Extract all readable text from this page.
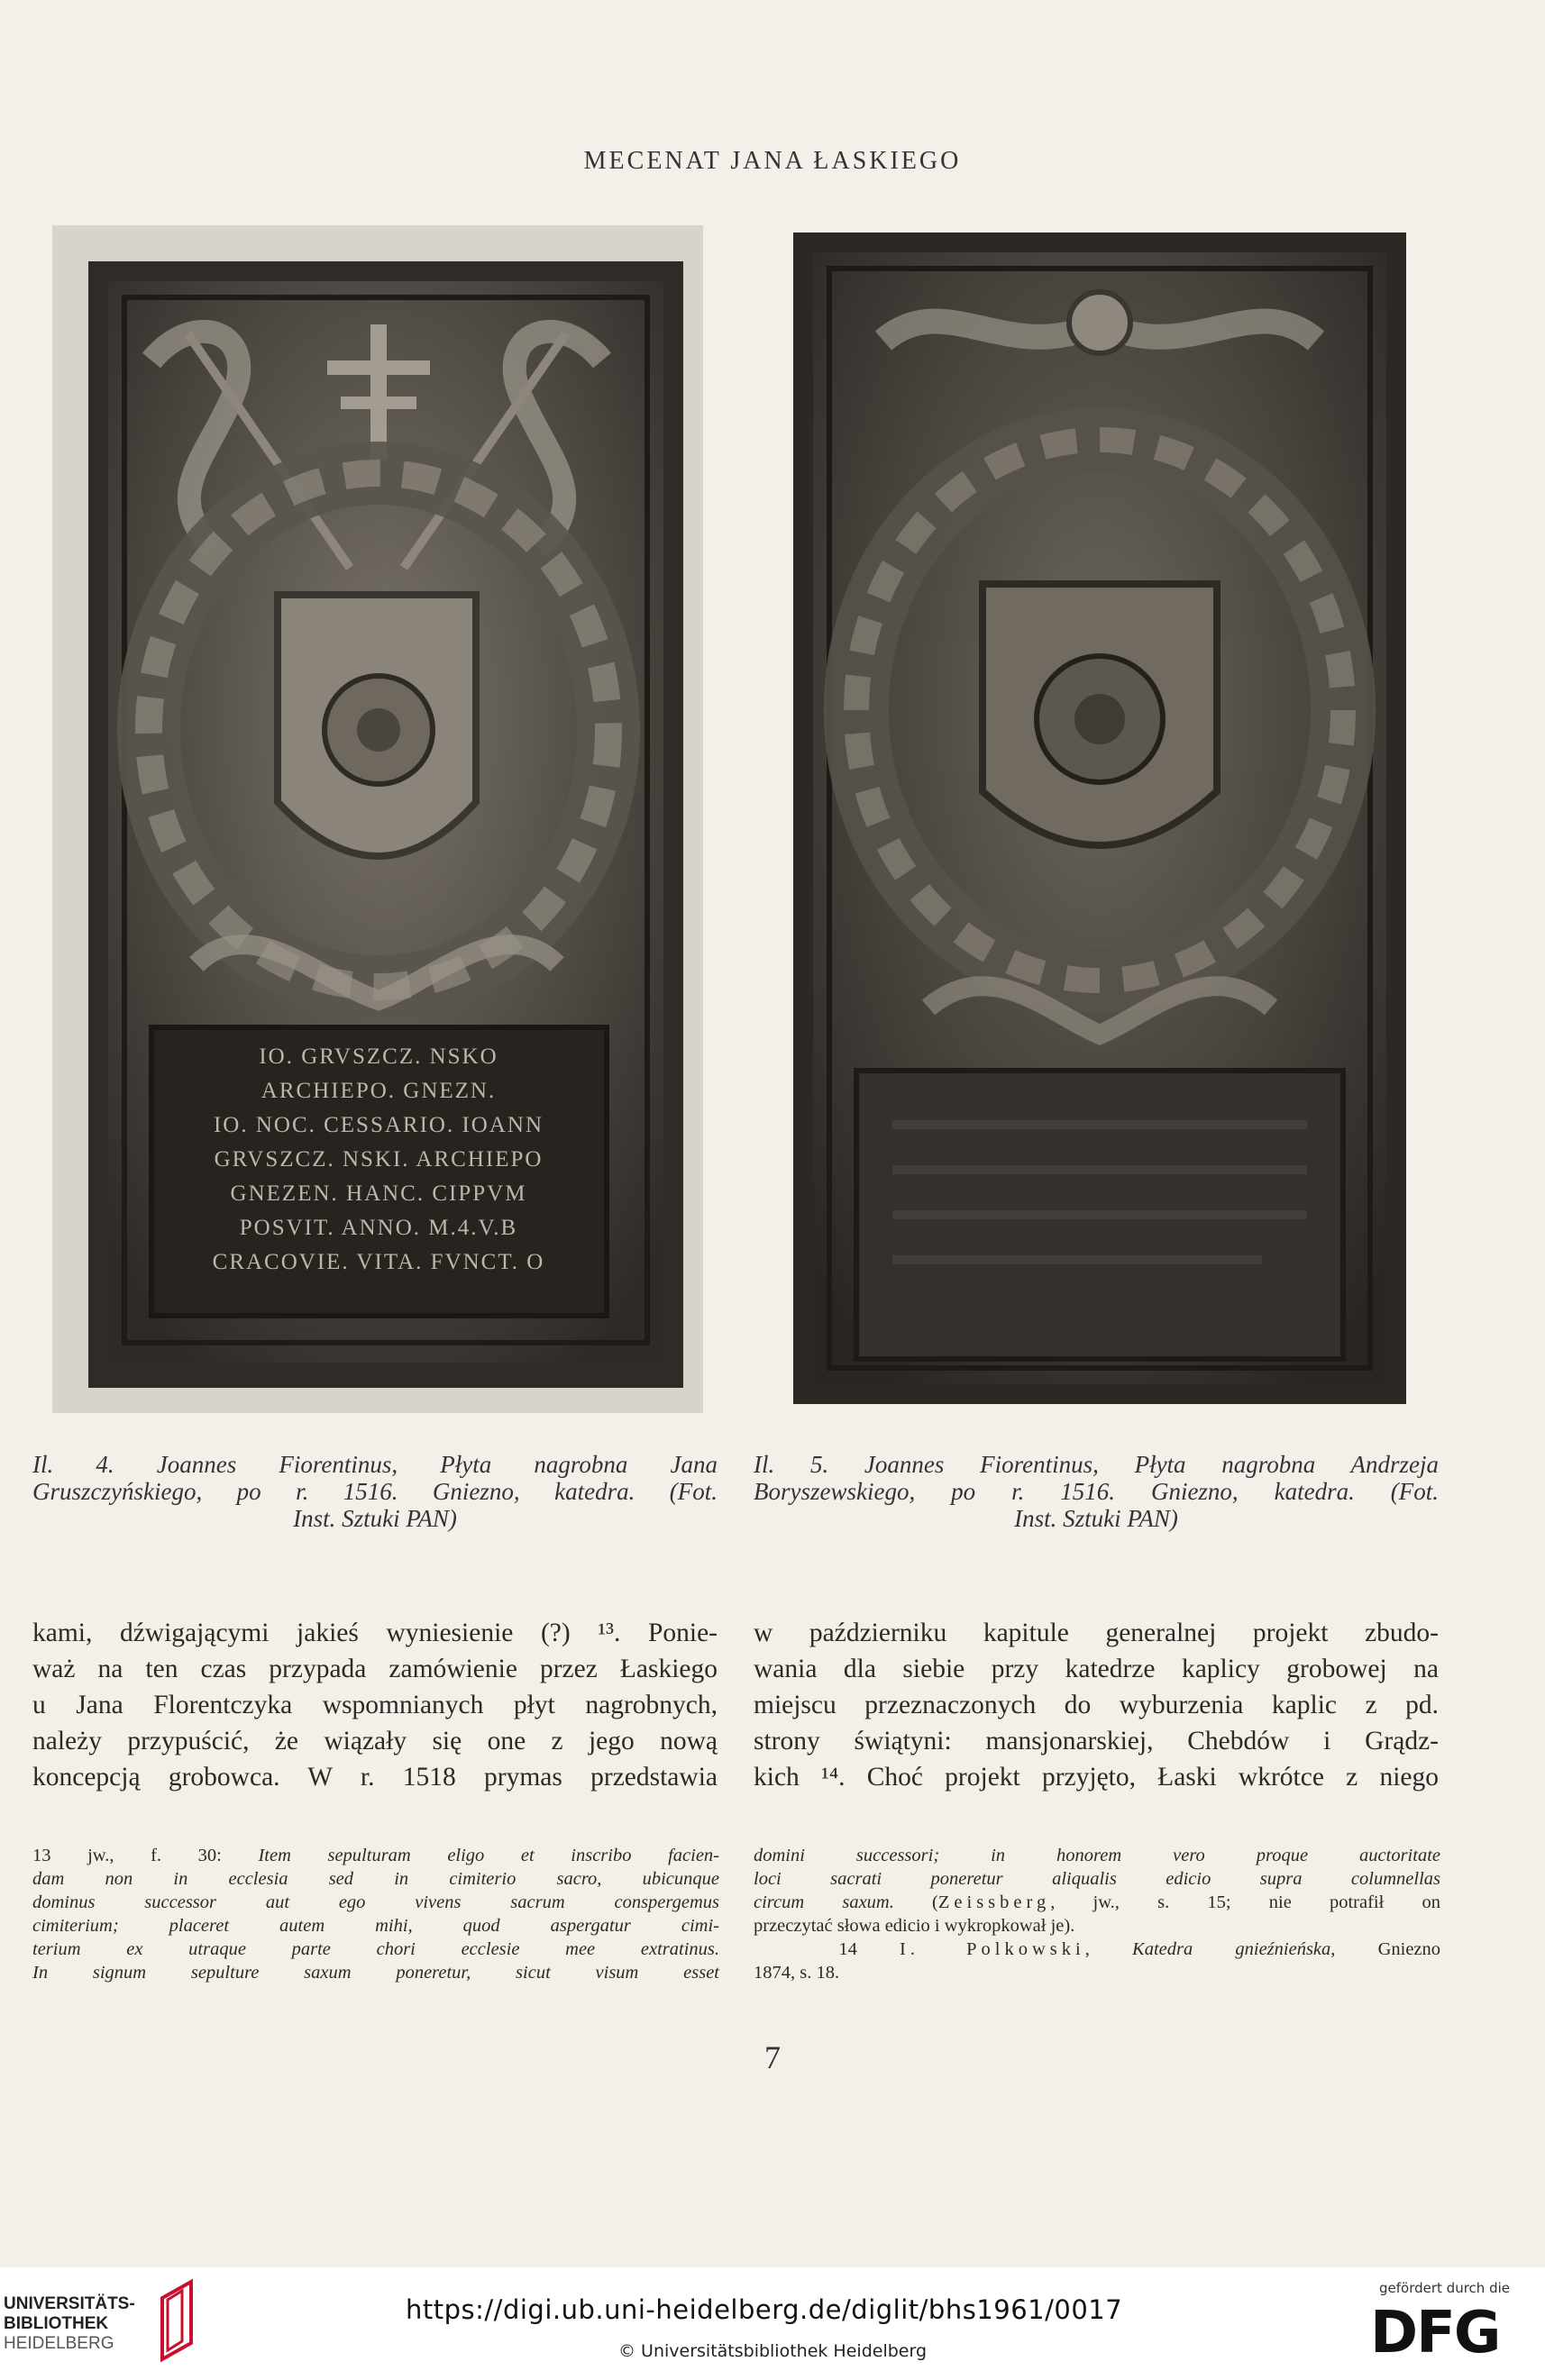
MECENAT JANA ŁASKIEGO
IO. GRVSZCZ. NSKO
ARCHIEPO. GNEZN.
IO. NOC. CESSARIO. IOANN
GRVSZCZ. NSKI. ARCHIEPO
GNEZEN. HANC. CIPPVM
POSVIT. ANNO. M.4.V.B
CRACOVIE. VITA. FVNCT. O
Il. 4. Joannes Fiorentinus, Płyta nagrobna Jana
Gruszczyńskiego, po r. 1516. Gniezno, katedra. (Fot.
Inst. Sztuki PAN)
Il. 5. Joannes Fiorentinus, Płyta nagrobna Andrzeja
Boryszewskiego, po r. 1516. Gniezno, katedra. (Fot.
Inst. Sztuki PAN)
kami, dźwigającymi jakieś wyniesienie (?) ¹³. Ponie-
waż na ten czas przypada zamówienie przez Łaskiego
u Jana Florentczyka wspomnianych płyt nagrobnych,
należy przypuścić, że wiązały się one z jego nową
koncepcją grobowca. W r. 1518 prymas przedstawia
w październiku kapitule generalnej projekt zbudo-
wania dla siebie przy katedrze kaplicy grobowej na
miejscu przeznaczonych do wyburzenia kaplic z pd.
strony świątyni: mansjonarskiej, Chebdów i Grądz-
kich ¹⁴. Choć projekt przyjęto, Łaski wkrótce z niego
13 jw., f. 30: Item sepulturam eligo et inscribo facien-
dam non in ecclesia sed in cimiterio sacro, ubicunque
dominus successor aut ego vivens sacrum conspergemus
cimiterium; placeret autem mihi, quod aspergatur cimi-
terium ex utraque parte chori ecclesie mee extratinus.
In signum sepulture saxum poneretur, sicut visum esset
domini successori; in honorem vero proque auctoritate
loci sacrati poneretur aliqualis edicio supra columnellas
circum saxum. (Zeissberg, jw., s. 15; nie potrafił on
przeczytać słowa edicio i wykropkował je).
14 I. Polkowski, Katedra gnieźnieńska, Gniezno
1874, s. 18.
7
UNIVERSITÄTS-
BIBLIOTHEK
HEIDELBERG
https://digi.ub.uni-heidelberg.de/diglit/bhs1961/0017
© Universitätsbibliothek Heidelberg
gefördert durch die
DFG
